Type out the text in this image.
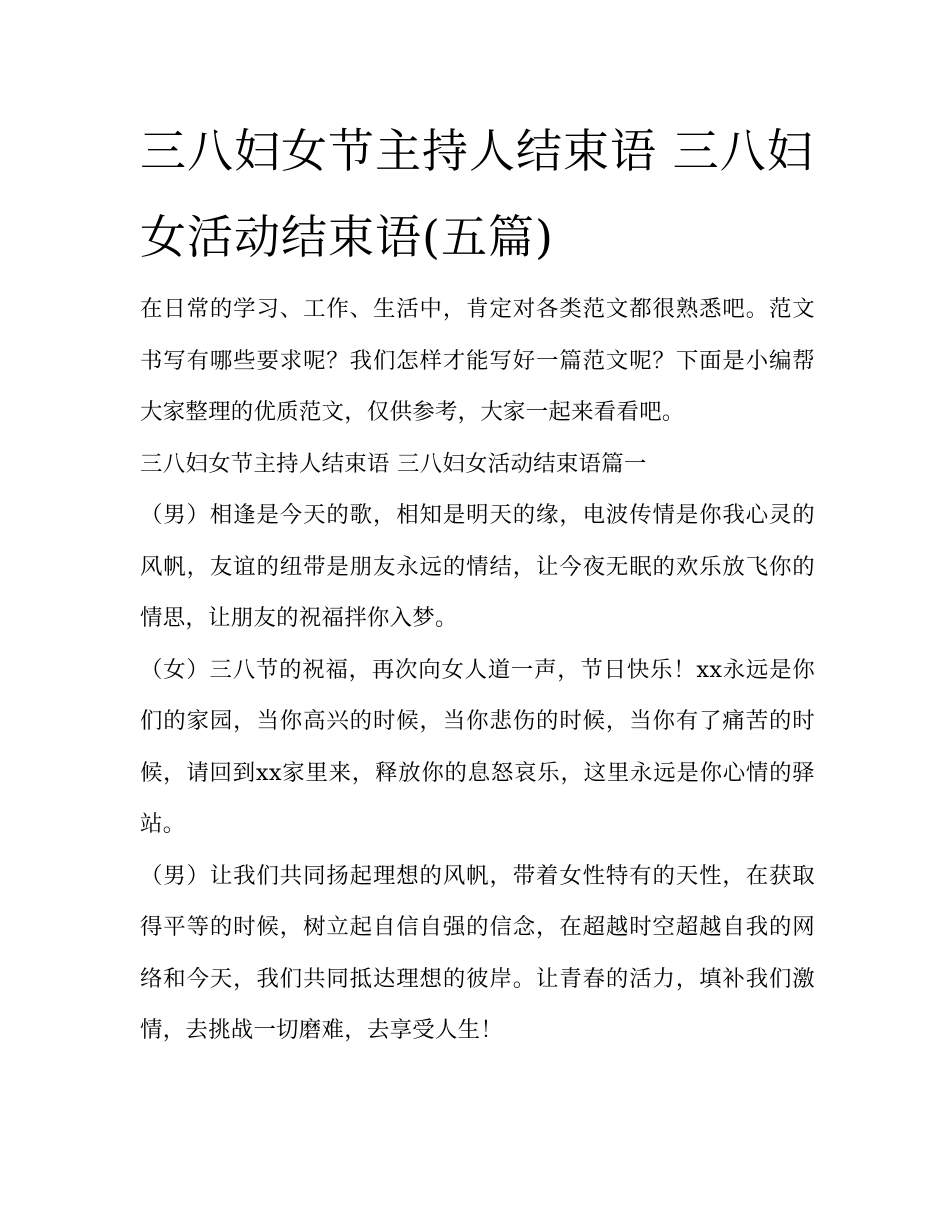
三八妇女节主持人结束语 三八妇女活动结束语(五篇)

在日常的学习、工作、生活中，肯定对各类范文都很熟悉吧。范文书写有哪些要求呢？我们怎样才能写好一篇范文呢？下面是小编帮大家整理的优质范文，仅供参考，大家一起来看看吧。

三八妇女节主持人结束语 三八妇女活动结束语篇一

（男）相逢是今天的歌，相知是明天的缘，电波传情是你我心灵的风帆，友谊的纽带是朋友永远的情结，让今夜无眠的欢乐放飞你的情思，让朋友的祝福拌你入梦。

（女）三八节的祝福，再次向女人道一声，节日快乐！xx永远是你们的家园，当你高兴的时候，当你悲伤的时候，当你有了痛苦的时候，请回到xx家里来，释放你的息怒哀乐，这里永远是你心情的驿站。

（男）让我们共同扬起理想的风帆，带着女性特有的天性，在获取得平等的时候，树立起自信自强的信念，在超越时空超越自我的网络和今天，我们共同抵达理想的彼岸。让青春的活力，填补我们激情，去挑战一切磨难，去享受人生！
